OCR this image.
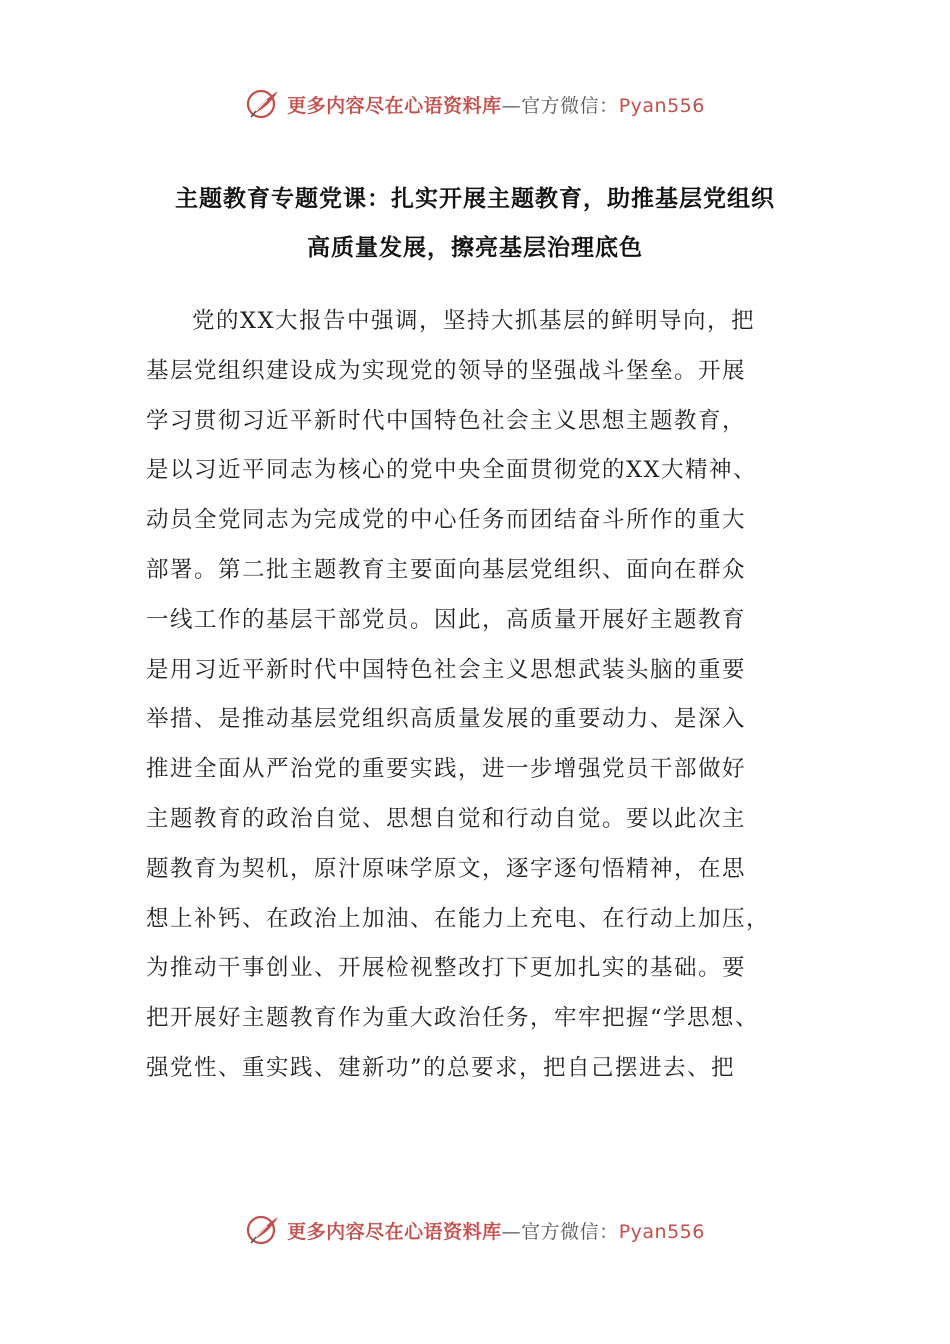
更多内容尽在心语资料库—官方微信：Pyan556
主题教育专题党课：扎实开展主题教育，助推基层党组织
高质量发展，擦亮基层治理底色
党的XX大报告中强调，坚持大抓基层的鲜明导向，把
基层党组织建设成为实现党的领导的坚强战斗堡垒。开展
学习贯彻习近平新时代中国特色社会主义思想主题教育，
是以习近平同志为核心的党中央全面贯彻党的XX大精神、
动员全党同志为完成党的中心任务而团结奋斗所作的重大
部署。第二批主题教育主要面向基层党组织、面向在群众
一线工作的基层干部党员。因此，高质量开展好主题教育
是用习近平新时代中国特色社会主义思想武装头脑的重要
举措、是推动基层党组织高质量发展的重要动力、是深入
推进全面从严治党的重要实践，进一步增强党员干部做好
主题教育的政治自觉、思想自觉和行动自觉。要以此次主
题教育为契机，原汁原味学原文，逐字逐句悟精神，在思
想上补钙、在政治上加油、在能力上充电、在行动上加压，
为推动干事创业、开展检视整改打下更加扎实的基础。要
把开展好主题教育作为重大政治任务，牢牢把握“学思想、
强党性、重实践、建新功”的总要求，把自己摆进去、把
更多内容尽在心语资料库—官方微信：Pyan556
